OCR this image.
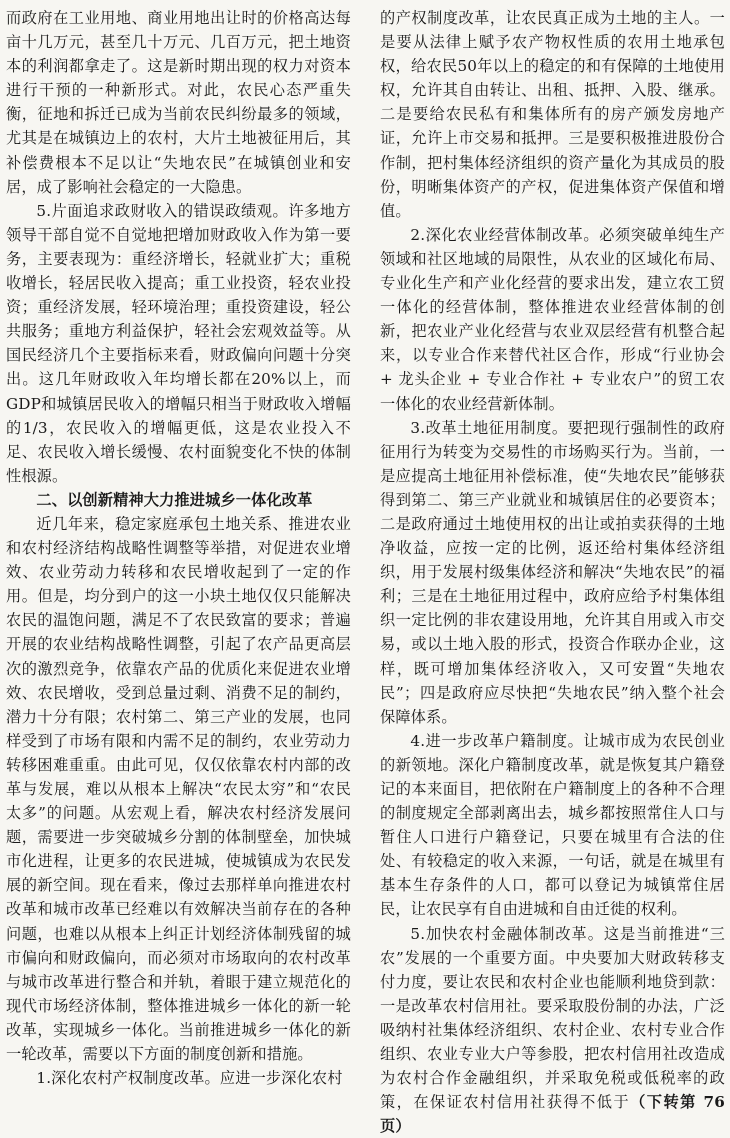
而政府在工业用地、商业用地出让时的价格高达每亩十几万元，甚至几十万元、几百万元，把土地资本的利润都拿走了。这是新时期出现的权力对资本进行干预的一种新形式。对此，农民心态严重失衡，征地和拆迁已成为当前农民纠纷最多的领域，尤其是在城镇边上的农村，大片土地被征用后，其补偿费根本不足以让“失地农民”在城镇创业和安居，成了影响社会稳定的一大隐患。

5.片面追求政财收入的错误政绩观。许多地方领导干部自觉不自觉地把增加财政收入作为第一要务，主要表现为：重经济增长，轻就业扩大；重税收增长，轻居民收入提高；重工业投资，轻农业投资；重经济发展，轻环境治理；重投资建设，轻公共服务；重地方利益保护，轻社会宏观效益等。从国民经济几个主要指标来看，财政偏向问题十分突出。这几年财政收入年均增长都在20%以上，而GDP和城镇居民收入的增幅只相当于财政收入增幅的1/3，农民收入的增幅更低，这是农业投入不足、农民收入增长缓慢、农村面貌变化不快的体制性根源。

二、以创新精神大力推进城乡一体化改革

近几年来，稳定家庭承包土地关系、推进农业和农村经济结构战略性调整等举措，对促进农业增效、农业劳动力转移和农民增收起到了一定的作用。但是，均分到户的这一小块土地仅仅只能解决农民的温饱问题，满足不了农民致富的要求；普遍开展的农业结构战略性调整，引起了农产品更高层次的激烈竞争，依靠农产品的优质化来促进农业增效、农民增收，受到总量过剩、消费不足的制约，潜力十分有限；农村第二、第三产业的发展，也同样受到了市场有限和内需不足的制约，农业劳动力转移困难重重。由此可见，仅仅依靠农村内部的改革与发展，难以从根本上解决“农民太穷”和“农民太多”的问题。从宏观上看，解决农村经济发展问题，需要进一步突破城乡分割的体制壁垒，加快城市化进程，让更多的农民进城，使城镇成为农民发展的新空间。现在看来，像过去那样单向推进农村改革和城市改革已经难以有效解决当前存在的各种问题，也难以从根本上纠正计划经济体制残留的城市偏向和财政偏向，而必须对市场取向的农村改革与城市改革进行整合和并轨，着眼于建立规范化的现代市场经济体制，整体推进城乡一体化的新一轮改革，实现城乡一体化。当前推进城乡一体化的新一轮改革，需要以下方面的制度创新和措施。

1.深化农村产权制度改革。应进一步深化农村

的产权制度改革，让农民真正成为土地的主人。一是要从法律上赋予农产物权性质的农用土地承包权，给农民50年以上的稳定的和有保障的土地使用权，允许其自由转让、出租、抵押、入股、继承。二是要给农民私有和集体所有的房产颁发房地产证，允许上市交易和抵押。三是要积极推进股份合作制，把村集体经济组织的资产量化为其成员的股份，明晰集体资产的产权，促进集体资产保值和增值。

2.深化农业经营体制改革。必须突破单纯生产领域和社区地域的局限性，从农业的区域化布局、专业化生产和产业化经营的要求出发，建立农工贸一体化的经营体制，整体推进农业经营体制的创新，把农业产业化经营与农业双层经营有机整合起来，以专业合作来替代社区合作，形成“行业协会 + 龙头企业 + 专业合作社 + 专业农户”的贸工农一体化的农业经营新体制。

3.改革土地征用制度。要把现行强制性的政府征用行为转变为交易性的市场购买行为。当前，一是应提高土地征用补偿标准，使“失地农民”能够获得到第二、第三产业就业和城镇居住的必要资本；二是政府通过土地使用权的出让或拍卖获得的土地净收益，应按一定的比例，返还给村集体经济组织，用于发展村级集体经济和解决“失地农民”的福利；三是在土地征用过程中，政府应给予村集体组织一定比例的非农建设用地，允许其自用或入市交易，或以土地入股的形式，投资合作联办企业，这样，既可增加集体经济收入，又可安置“失地农民”；四是政府应尽快把“失地农民”纳入整个社会保障体系。

4.进一步改革户籍制度。让城市成为农民创业的新领地。深化户籍制度改革，就是恢复其户籍登记的本来面目，把依附在户籍制度上的各种不合理的制度规定全部剥离出去，城乡都按照常住人口与暂住人口进行户籍登记，只要在城里有合法的住处、有较稳定的收入来源，一句话，就是在城里有基本生存条件的人口，都可以登记为城镇常住居民，让农民享有自由进城和自由迁徙的权利。

5.加快农村金融体制改革。这是当前推进“三农”发展的一个重要方面。中央要加大财政转移支付力度，要让农民和农村企业也能顺利地贷到款：一是改革农村信用社。要采取股份制的办法，广泛吸纳村社集体经济组织、农村企业、农村专业合作组织、农业专业大户等参股，把农村信用社改造成为农村合作金融组织，并采取免税或低税率的政策，在保证农村信用社获得不低于（下转第 76 页）
